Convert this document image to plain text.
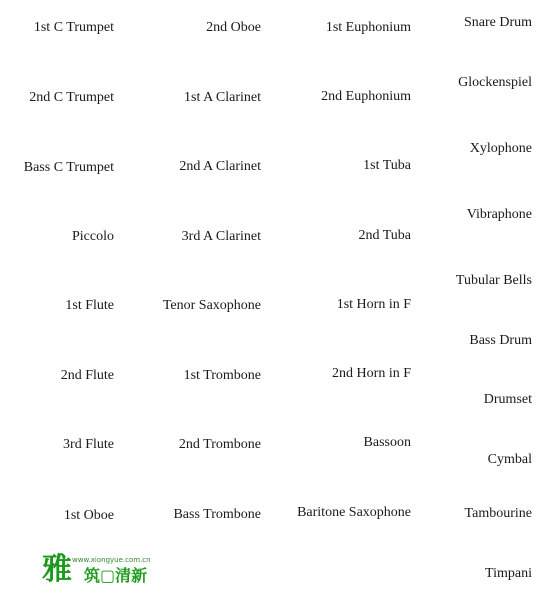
1st C Trumpet
2nd C Trumpet
Bass C Trumpet
Piccolo
1st Flute
2nd Flute
3rd Flute
1st Oboe
2nd Oboe
1st A Clarinet
2nd A Clarinet
3rd A Clarinet
Tenor Saxophone
1st Trombone
2nd Trombone
Bass Trombone
1st Euphonium
2nd Euphonium
1st Tuba
2nd Tuba
1st Horn in F
2nd Horn in F
Bassoon
Baritone Saxophone
Snare Drum
Glockenspiel
Xylophone
Vibraphone
Tubular Bells
Bass Drum
Drumset
Cymbal
Tambourine
Timpani
雅 www.xiongyue.com.cn
筑▢清新
